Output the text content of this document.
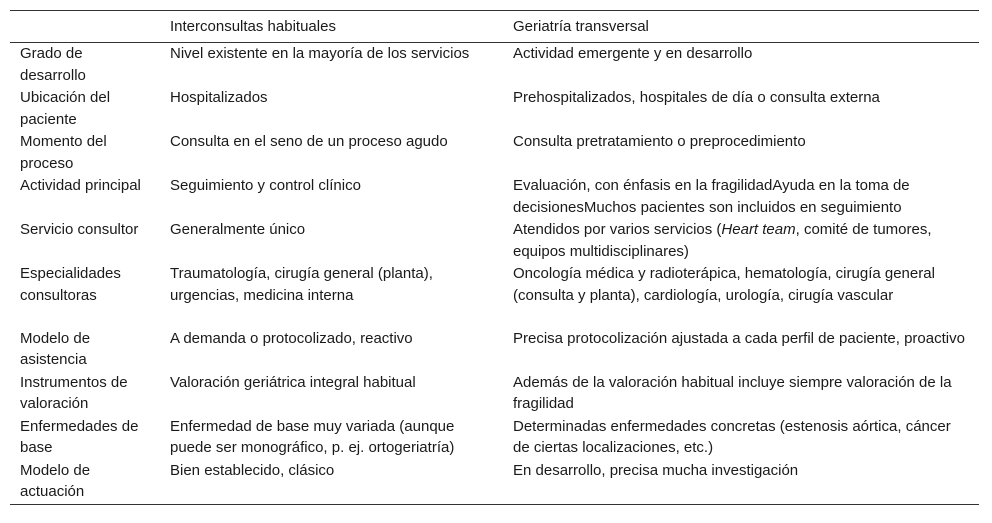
	Interconsultas habituales	Geriatría transversal
Grado de desarrollo	Nivel existente en la mayoría de los servicios	Actividad emergente y en desarrollo
Ubicación del paciente	Hospitalizados	Prehospitalizados, hospitales de día o consulta externa
Momento del proceso	Consulta en el seno de un proceso agudo	Consulta pretratamiento o preprocedimiento
Actividad principal	Seguimiento y control clínico	Evaluación, con énfasis en la fragilidadAyuda en la toma de decisionesMuchos pacientes son incluidos en seguimiento
Servicio consultor	Generalmente único	Atendidos por varios servicios (Heart team, comité de tumores, equipos multidisciplinares)
Especialidades consultoras	Traumatología, cirugía general (planta), urgencias, medicina interna	Oncología médica y radioterápica, hematología, cirugía general (consulta y planta), cardiología, urología, cirugía vascular
Modelo de asistencia	A demanda o protocolizado, reactivo	Precisa protocolización ajustada a cada perfil de paciente, proactivo
Instrumentos de valoración	Valoración geriátrica integral habitual	Además de la valoración habitual incluye siempre valoración de la fragilidad
Enfermedades de base	Enfermedad de base muy variada (aunque puede ser monográfico, p. ej. ortogeriatría)	Determinadas enfermedades concretas (estenosis aórtica, cáncer de ciertas localizaciones, etc.)
Modelo de actuación	Bien establecido, clásico	En desarrollo, precisa mucha investigación
